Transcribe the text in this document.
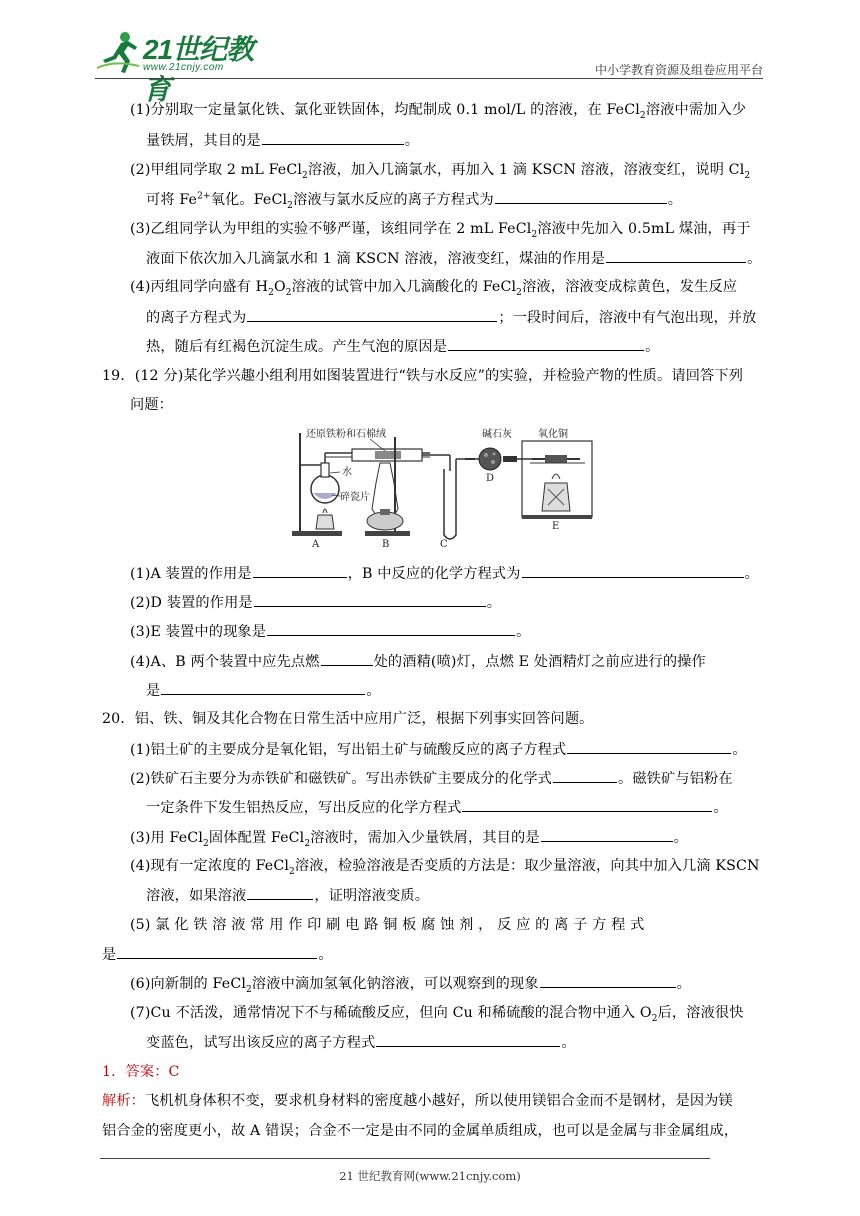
21世纪教育
www.21cnjy.com	中小学教育资源及组卷应用平台
(1)分别取一定量氯化铁、氯化亚铁固体，均配制成 0.1 mol/L 的溶液，在 FeCl$_2$溶液中需加入少
量铁屑，其目的是	。
(2)甲组同学取 2 mL FeCl$_2$溶液，加入几滴氯水，再加入 1 滴 KSCN 溶液，溶液变红，说明 $Cl_2$
可将 $Fe^{2+}$氧化。FeCl$_2$溶液与氯水反应的离子方程式为	。
(3)乙组同学认为甲组的实验不够严谨，该组同学在 2 mL FeCl$_2$溶液中先加入 0.5mL 煤油，再于
液面下依次加入几滴氯水和 1 滴 KSCN 溶液，溶液变红，煤油的作用是	。
(4)丙组同学向盛有 $H_2O_2$溶液的试管中加入几滴酸化的 FeCl$_2$溶液，溶液变成棕黄色，发生反应
的离子方程式为	；一段时间后，溶液中有气泡出现，并放
热，随后有红褐色沉淀生成。产生气泡的原因是	。
19．(12 分)某化学兴趣小组利用如图装置进行“铁与水反应”的实验，并检验产物的性质。请回答下列
问题：
还原铁粉和石棉绒	碱石灰	氧化铜
水
碎瓷片
A	B	C
D
E
(1)A 装置的作用是	，B 中反应的化学方程式为	。
(2)D 装置的作用是	。
(3)E 装置中的现象是	。
(4)A、B 两个装置中应先点燃	处的酒精(喷)灯，点燃 E 处酒精灯之前应进行的操作
是	。
20．铝、铁、铜及其化合物在日常生活中应用广泛，根据下列事实回答问题。
(1)铝土矿的主要成分是氧化铝，写出铝土矿与硫酸反应的离子方程式	。
(2)铁矿石主要分为赤铁矿和磁铁矿。写出赤铁矿主要成分的化学式	。磁铁矿与铝粉在
一定条件下发生铝热反应，写出反应的化学方程式	。
(3)用 FeCl$_2$固体配置 FeCl$_2$溶液时，需加入少量铁屑，其目的是	。
(4)现有一定浓度的 FeCl$_2$溶液，检验溶液是否变质的方法是：取少量溶液，向其中加入几滴 KSCN
溶液，如果溶液	，证明溶液变质。
(5) 氯 化 铁 溶 液 常 用 作 印 刷 电 路 铜 板 腐 蚀 剂 ， 反 应 的 离 子 方 程 式
是	。
(6)向新制的 FeCl$_2$溶液中滴加氢氧化钠溶液，可以观察到的现象	。
(7)Cu 不活泼，通常情况下不与稀硫酸反应，但向 Cu 和稀硫酸的混合物中通入 $O_2$后，溶液很快
变蓝色，试写出该反应的离子方程式	。
1．答案：C
解析：飞机机身体积不变，要求机身材料的密度越小越好，所以使用镁铝合金而不是钢材，是因为镁
铝合金的密度更小，故 A 错误；合金不一定是由不同的金属单质组成，也可以是金属与非金属组成，
21 世纪教育网(www.21cnjy.com)
